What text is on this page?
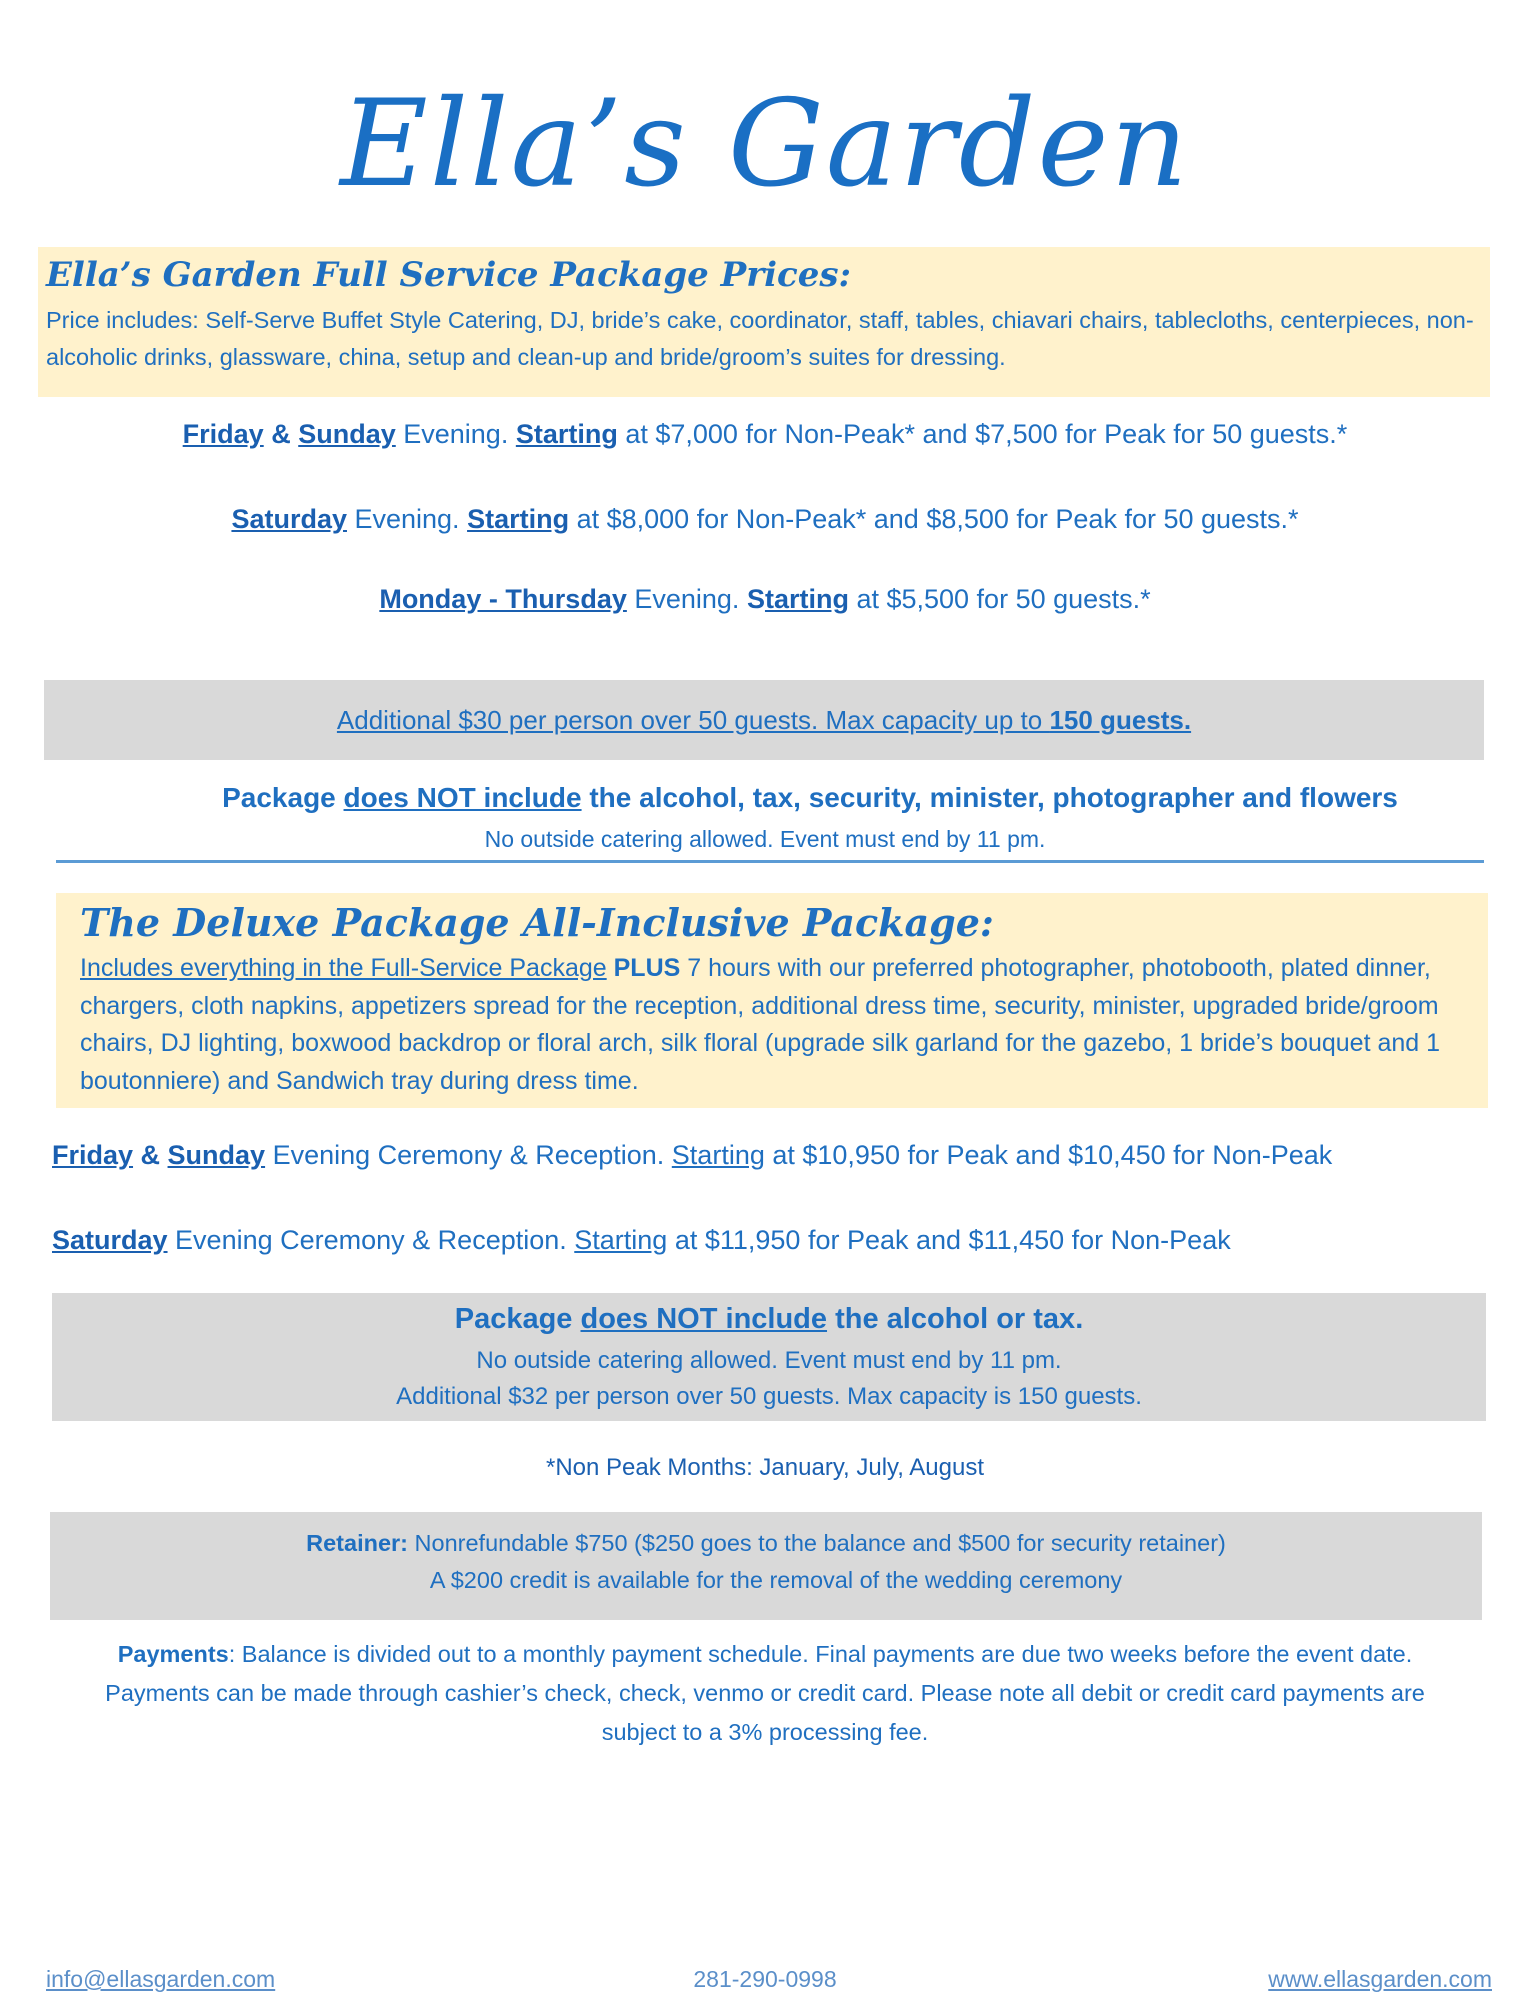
Ella’s Garden
Ella’s Garden Full Service Package Prices:
Price includes: Self-Serve Buffet Style Catering, DJ, bride’s cake, coordinator, staff, tables, chiavari chairs, tablecloths, centerpieces, non-alcoholic drinks, glassware, china, setup and clean-up and bride/groom’s suites for dressing.
Friday & Sunday Evening. Starting at $7,000 for Non-Peak* and $7,500 for Peak for 50 guests.*
Saturday Evening. Starting at $8,000 for Non-Peak* and $8,500 for Peak for 50 guests.*
Monday - Thursday Evening. Starting at $5,500 for 50 guests.*
Additional $30 per person over 50 guests. Max capacity up to 150 guests.
Package does NOT include the alcohol, tax, security, minister, photographer and flowers
No outside catering allowed. Event must end by 11 pm.
The Deluxe Package All-Inclusive Package:
Includes everything in the Full-Service Package PLUS 7 hours with our preferred photographer, photobooth, plated dinner, chargers, cloth napkins, appetizers spread for the reception, additional dress time, security, minister, upgraded bride/groom chairs, DJ lighting, boxwood backdrop or floral arch, silk floral (upgrade silk garland for the gazebo, 1 bride’s bouquet and 1 boutonniere) and Sandwich tray during dress time.
Friday & Sunday Evening Ceremony & Reception. Starting at $10,950 for Peak and $10,450 for Non-Peak
Saturday Evening Ceremony & Reception. Starting at $11,950 for Peak and $11,450 for Non-Peak
Package does NOT include the alcohol or tax.
No outside catering allowed. Event must end by 11 pm.
Additional $32 per person over 50 guests. Max capacity is 150 guests.
*Non Peak Months: January, July, August
Retainer: Nonrefundable $750 ($250 goes to the balance and $500 for security retainer)
A $200 credit is available for the removal of the wedding ceremony
Payments: Balance is divided out to a monthly payment schedule. Final payments are due two weeks before the event date. Payments can be made through cashier’s check, check, venmo or credit card. Please note all debit or credit card payments are subject to a 3% processing fee.
info@ellasgarden.com	281-290-0998	www.ellasgarden.com
